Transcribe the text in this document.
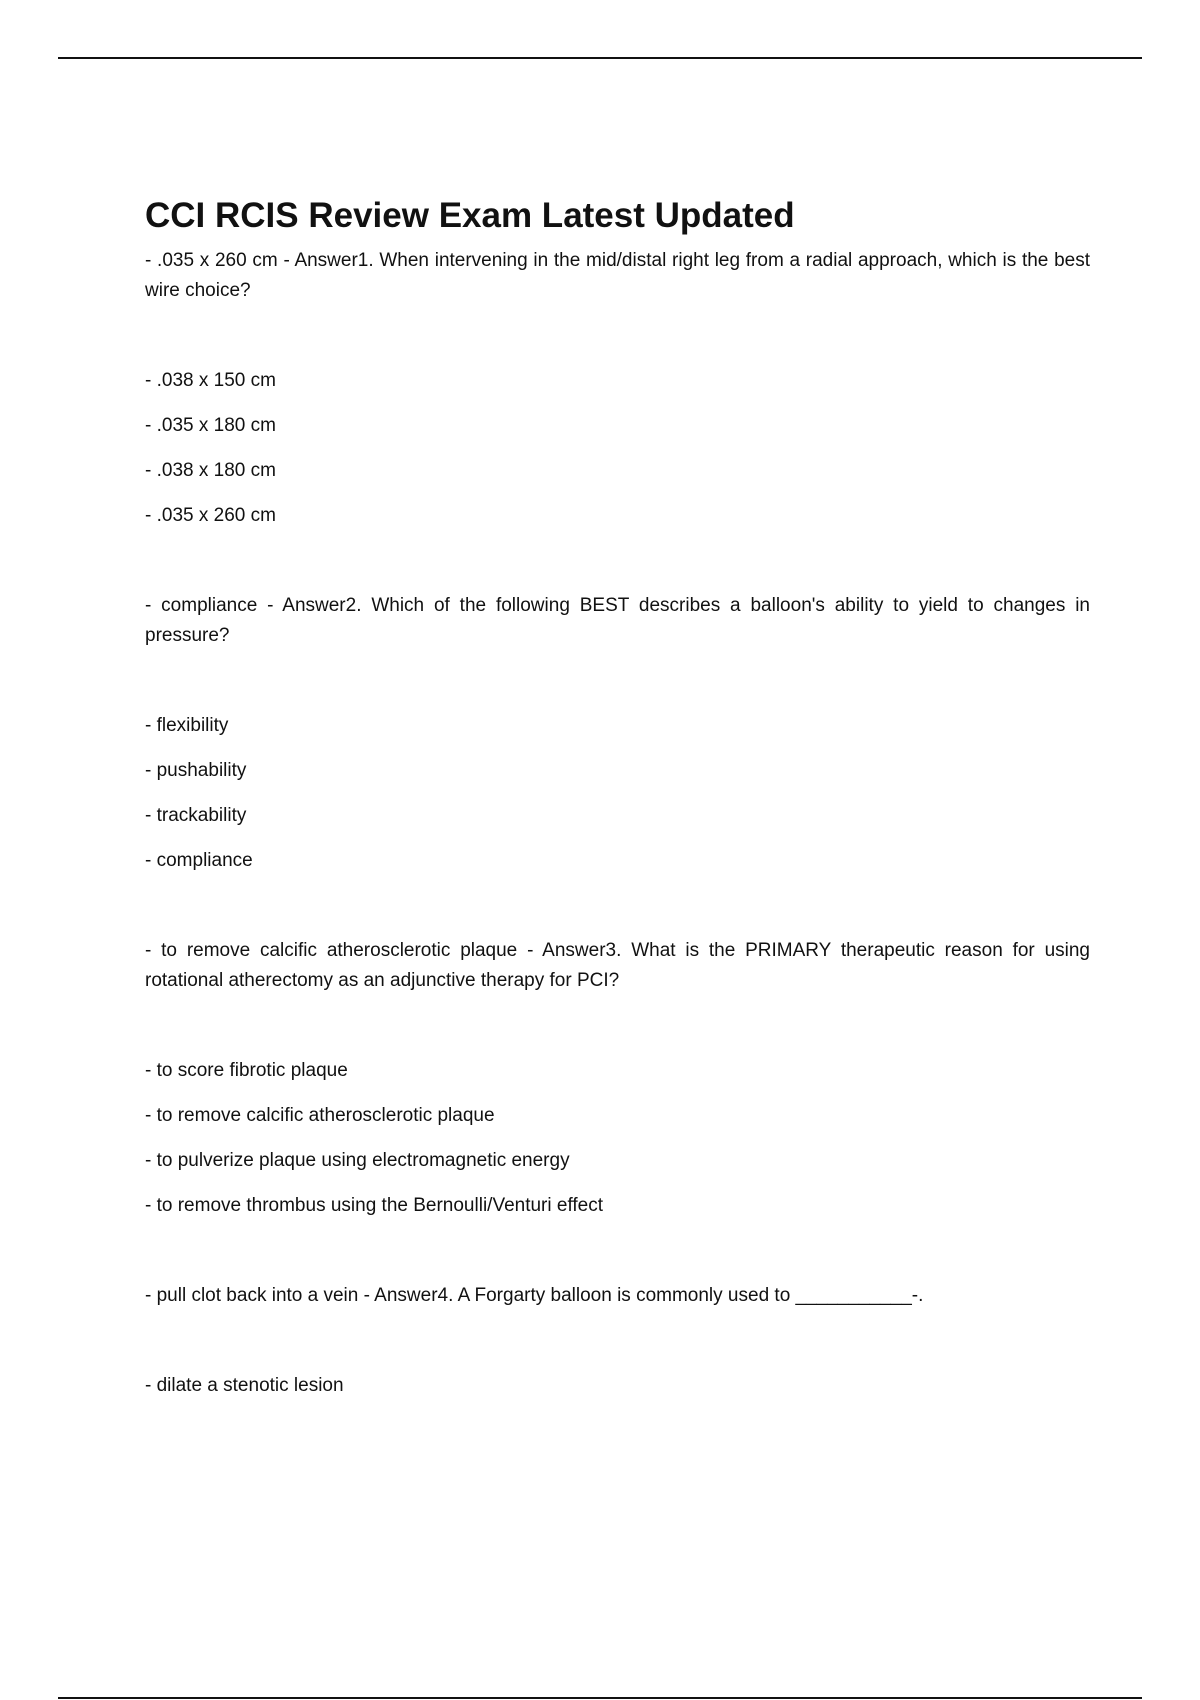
CCI RCIS Review Exam Latest Updated

- .035 x 260 cm - Answer1. When intervening in the mid/distal right leg from a radial approach, which is the best wire choice?

- .038 x 150 cm

- .035 x 180 cm

- .038 x 180 cm

- .035 x 260 cm

- compliance - Answer2. Which of the following BEST describes a balloon's ability to yield to changes in pressure?

- flexibility

- pushability

- trackability

- compliance

- to remove calcific atherosclerotic plaque - Answer3. What is the PRIMARY therapeutic reason for using rotational atherectomy as an adjunctive therapy for PCI?

- to score fibrotic plaque

- to remove calcific atherosclerotic plaque

- to pulverize plaque using electromagnetic energy

- to remove thrombus using the Bernoulli/Venturi effect

- pull clot back into a vein - Answer4. A Forgarty balloon is commonly used to ___________-.

- dilate a stenotic lesion
